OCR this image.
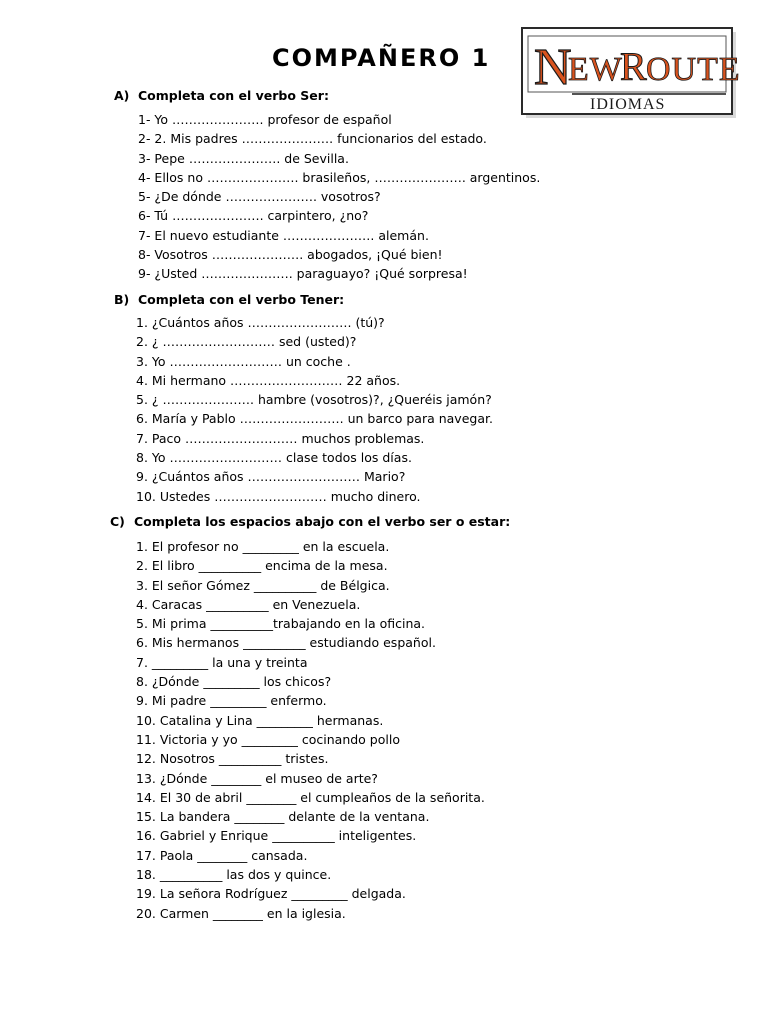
COMPAÑERO 1 N
EW
R OUTE
IDIOMAS
A) Completa con el verbo Ser:
1- Yo …………………. profesor de español
2- 2. Mis padres …………………. funcionarios del estado.
3- Pepe …………………. de Sevilla.
4- Ellos no …………………. brasileños, …………………. argentinos.
5- ¿De dónde …………………. vosotros?
6- Tú …………………. carpintero, ¿no?
7- El nuevo estudiante …………………. alemán.
8- Vosotros …………………. abogados, ¡Qué bien!
9- ¿Usted …………………. paraguayo? ¡Qué sorpresa!
B) Completa con el verbo Tener:
1. ¿Cuántos años ……………………. (tú)?
2. ¿ ……………………… sed (usted)?
3. Yo ……………………… un coche .
4. Mi hermano ……………………… 22 años.
5. ¿ …………………. hambre (vosotros)?, ¿Queréis jamón?
6. María y Pablo ……………………. un barco para navegar.
7. Paco ……………………… muchos problemas.
8. Yo ……………………… clase todos los días.
9. ¿Cuántos años ……………………… Mario?
10. Ustedes ……………………… mucho dinero.
C) Completa los espacios abajo con el verbo ser o estar:
1. El profesor no _________ en la escuela.
2. El libro __________ encima de la mesa.
3. El señor Gómez __________ de Bélgica.
4. Caracas __________ en Venezuela.
5. Mi prima __________trabajando en la oficina.
6. Mis hermanos __________ estudiando español.
7. _________ la una y treinta
8. ¿Dónde _________ los chicos?
9. Mi padre _________ enfermo.
10. Catalina y Lina _________ hermanas.
11. Victoria y yo _________ cocinando pollo
12. Nosotros __________ tristes.
13. ¿Dónde ________ el museo de arte?
14. El 30 de abril ________ el cumpleaños de la señorita.
15. La bandera ________ delante de la ventana.
16. Gabriel y Enrique __________ inteligentes.
17. Paola ________ cansada.
18. __________ las dos y quince.
19. La señora Rodríguez _________ delgada.
20. Carmen ________ en la iglesia.
